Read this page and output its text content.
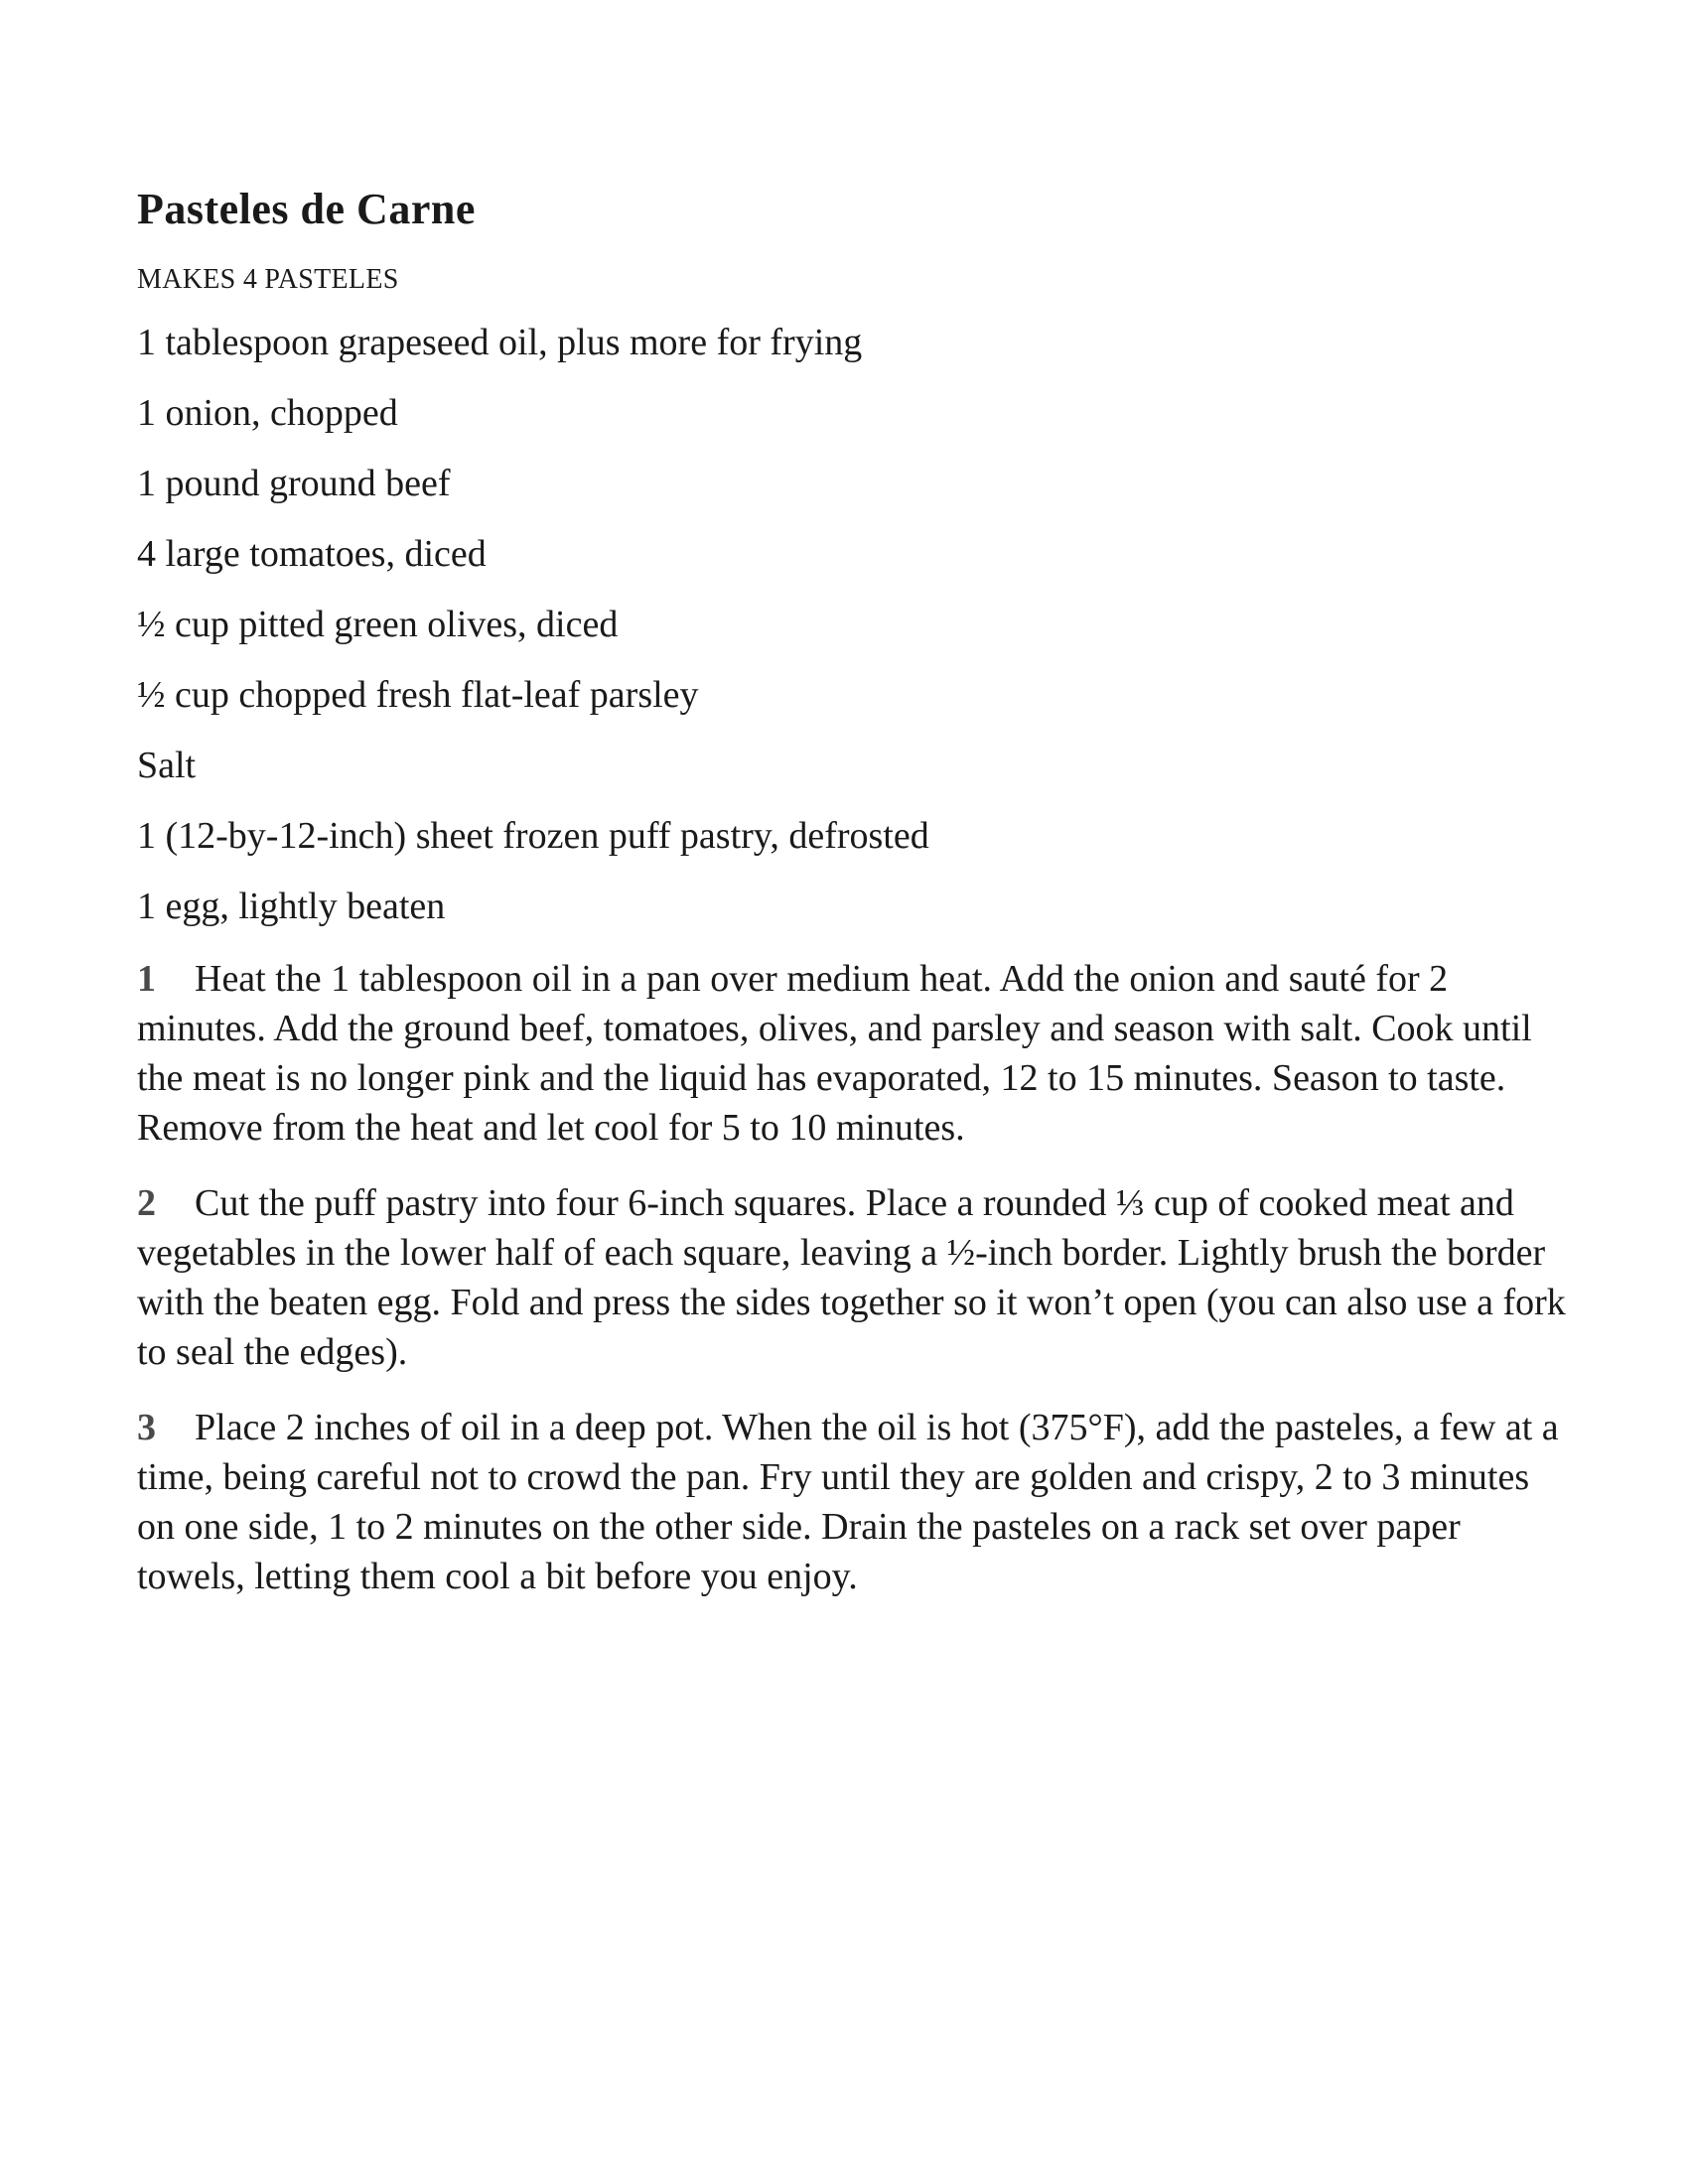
Pasteles de Carne
MAKES 4 PASTELES
1 tablespoon grapeseed oil, plus more for frying
1 onion, chopped
1 pound ground beef
4 large tomatoes, diced
½ cup pitted green olives, diced
½ cup chopped fresh flat-leaf parsley
Salt
1 (12-by-12-inch) sheet frozen puff pastry, defrosted
1 egg, lightly beaten

1 Heat the 1 tablespoon oil in a pan over medium heat. Add the onion and sauté for 2 minutes. Add the ground beef, tomatoes, olives, and parsley and season with salt. Cook until the meat is no longer pink and the liquid has evaporated, 12 to 15 minutes. Season to taste. Remove from the heat and let cool for 5 to 10 minutes.

2 Cut the puff pastry into four 6-inch squares. Place a rounded ⅓ cup of cooked meat and vegetables in the lower half of each square, leaving a ½-inch border. Lightly brush the border with the beaten egg. Fold and press the sides together so it won’t open (you can also use a fork to seal the edges).

3 Place 2 inches of oil in a deep pot. When the oil is hot (375°F), add the pasteles, a few at a time, being careful not to crowd the pan. Fry until they are golden and crispy, 2 to 3 minutes on one side, 1 to 2 minutes on the other side. Drain the pasteles on a rack set over paper towels, letting them cool a bit before you enjoy.
